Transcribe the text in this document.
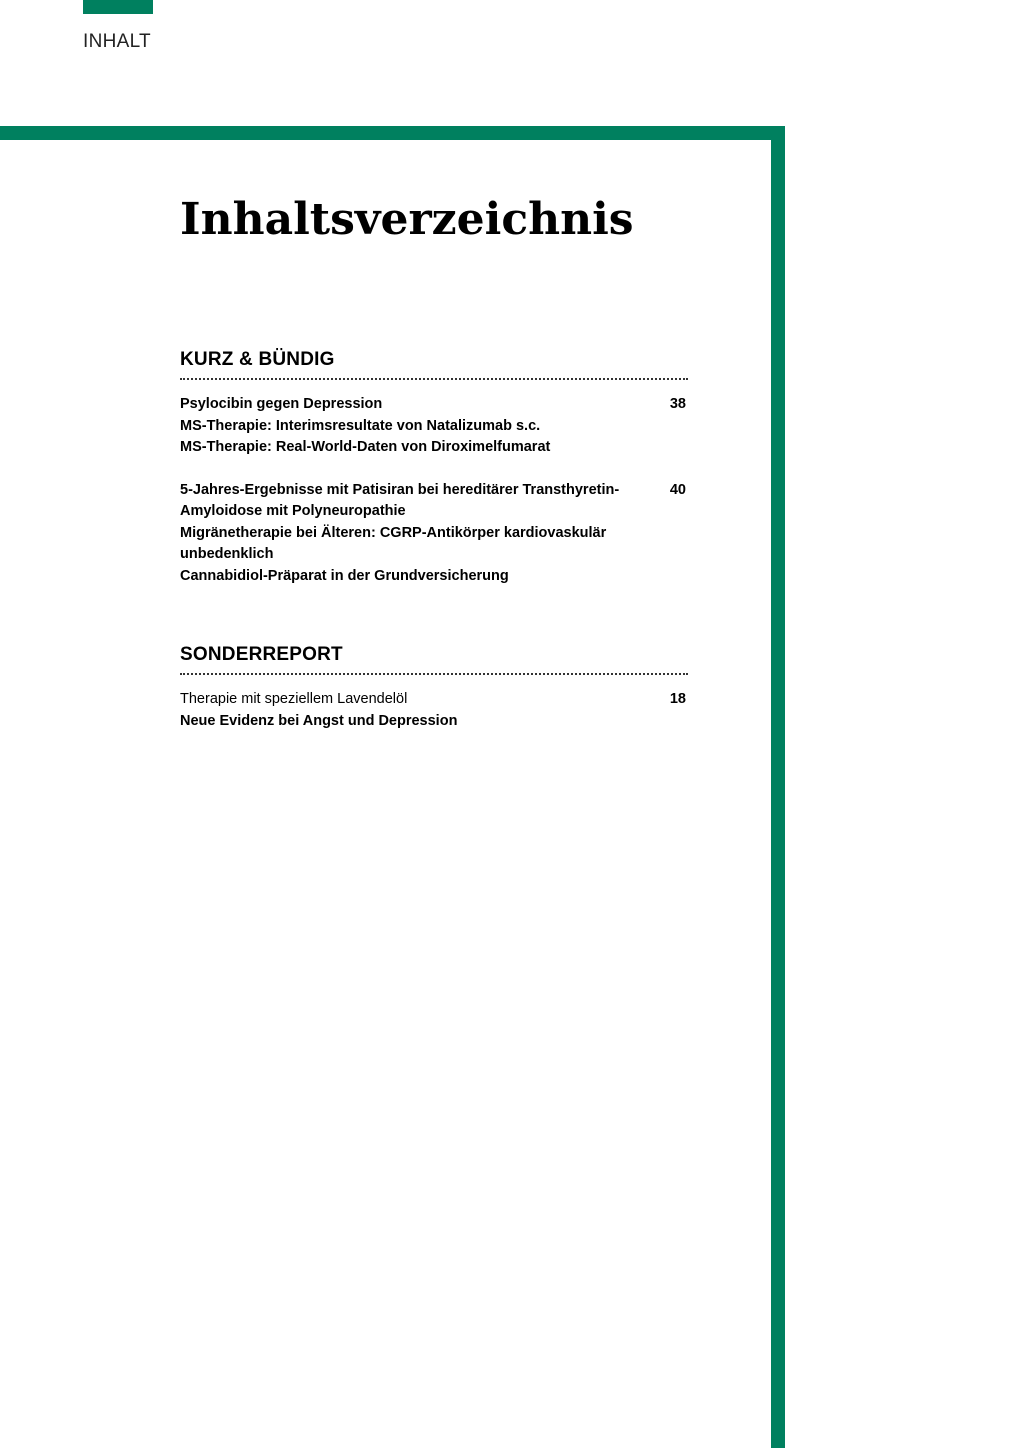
INHALT
Inhaltsverzeichnis
KURZ & BÜNDIG
Psylocibin gegen Depression
MS-Therapie: Interimsresultate von Natalizumab s.c.
MS-Therapie: Real-World-Daten von Diroximelfumarat
38
5-Jahres-Ergebnisse mit Patisiran bei hereditärer Transthyretin-
Amyloidose mit Polyneuropathie
Migränetherapie bei Älteren: CGRP-Antikörper kardiovaskulär
unbedenklich
Cannabidiol-Präparat in der Grundversicherung
40
SONDERREPORT
Therapie mit speziellem Lavendelöl
Neue Evidenz bei Angst und Depression
18
